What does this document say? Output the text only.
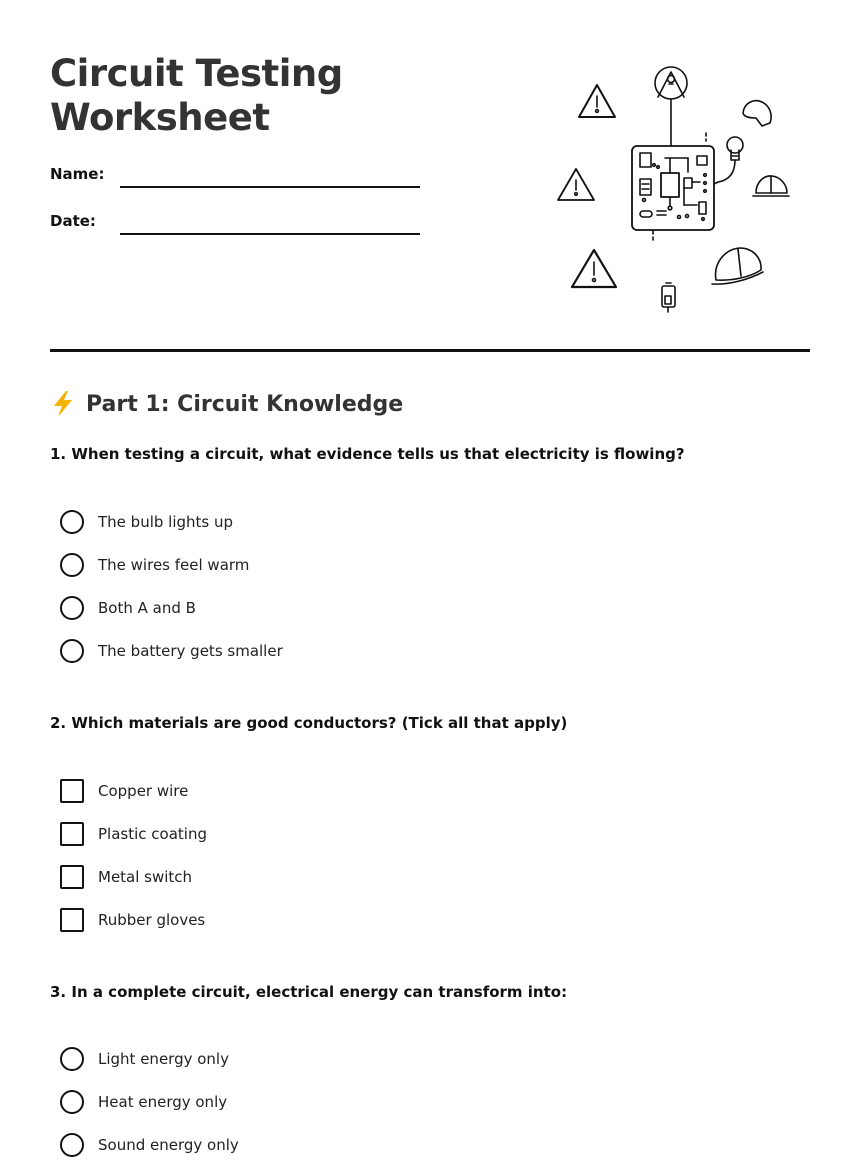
Circuit Testing
Worksheet
Name:
Date:
Part 1: Circuit Knowledge
1. When testing a circuit, what evidence tells us that electricity is flowing?
The bulb lights up
The wires feel warm
Both A and B
The battery gets smaller
2. Which materials are good conductors? (Tick all that apply)
Copper wire
Plastic coating
Metal switch
Rubber gloves
3. In a complete circuit, electrical energy can transform into:
Light energy only
Heat energy only
Sound energy only
